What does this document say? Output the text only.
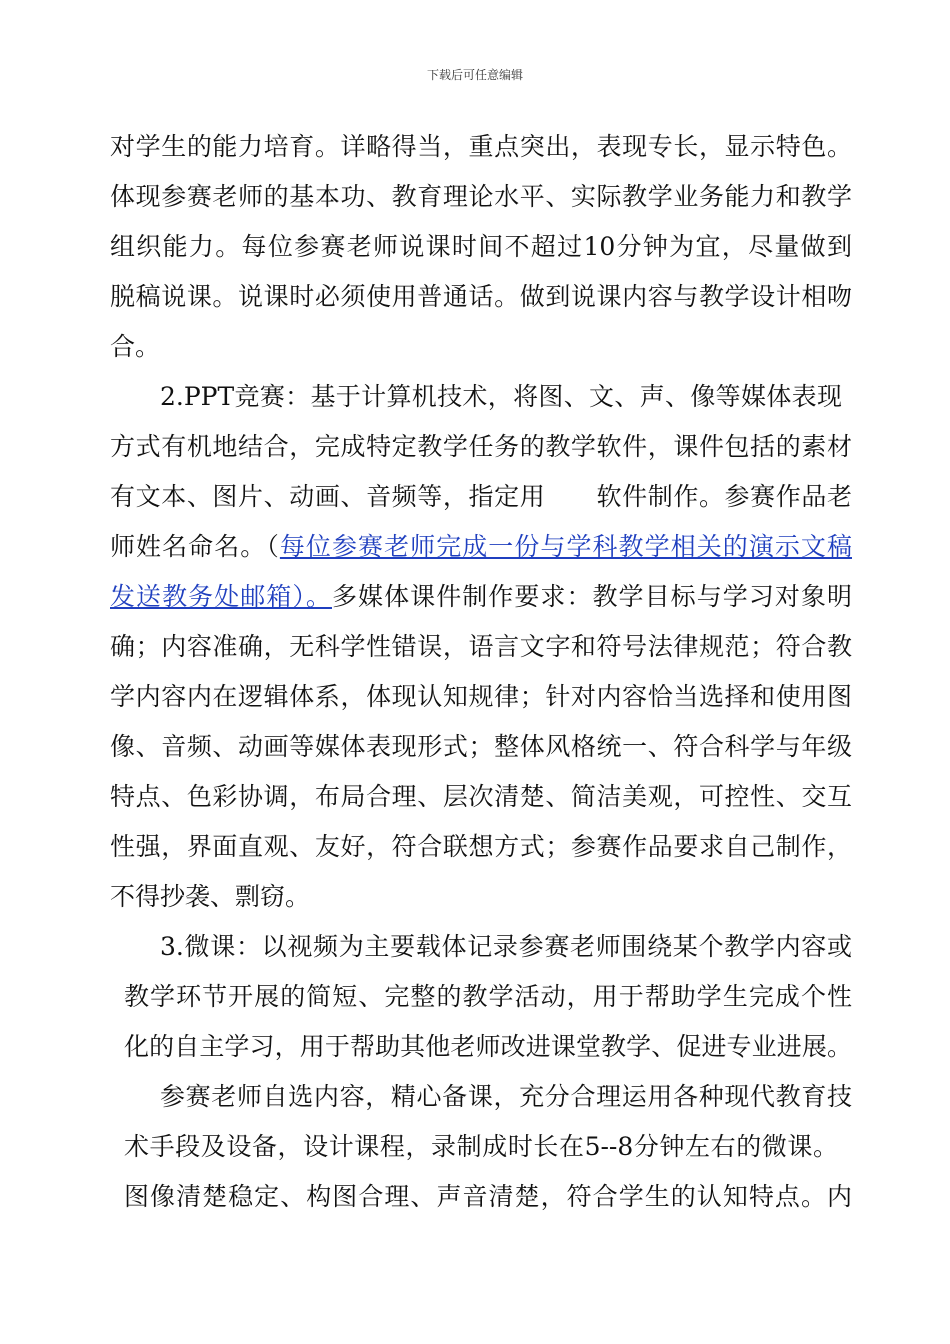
下载后可任意编辑
对学生的能力培育。详略得当，重点突出，表现专长，显示特色。
体现参赛老师的基本功、教育理论水平、实际教学业务能力和教学
组织能力。每位参赛老师说课时间不超过10分钟为宜，尽量做到
脱稿说课。说课时必须使用普通话。做到说课内容与教学设计相吻
合。
2.PPT竞赛：基于计算机技术，将图、文、声、像等媒体表现
方式有机地结合，完成特定教学任务的教学软件，课件包括的素材
有文本、图片、动画、音频等，指定用　　软件制作。参赛作品老
师姓名命名。（每位参赛老师完成一份与学科教学相关的演示文稿
发送教务处邮箱）。多媒体课件制作要求：教学目标与学习对象明
确；内容准确，无科学性错误，语言文字和符号法律规范；符合教
学内容内在逻辑体系，体现认知规律；针对内容恰当选择和使用图
像、音频、动画等媒体表现形式；整体风格统一、符合科学与年级
特点、色彩协调，布局合理、层次清楚、简洁美观，可控性、交互
性强，界面直观、友好，符合联想方式；参赛作品要求自己制作，
不得抄袭、剽窃。
3.微课：以视频为主要载体记录参赛老师围绕某个教学内容或
教学环节开展的简短、完整的教学活动，用于帮助学生完成个性
化的自主学习，用于帮助其他老师改进课堂教学、促进专业进展。
参赛老师自选内容，精心备课，充分合理运用各种现代教育技
术手段及设备，设计课程，录制成时长在5--8分钟左右的微课。
图像清楚稳定、构图合理、声音清楚，符合学生的认知特点。内
